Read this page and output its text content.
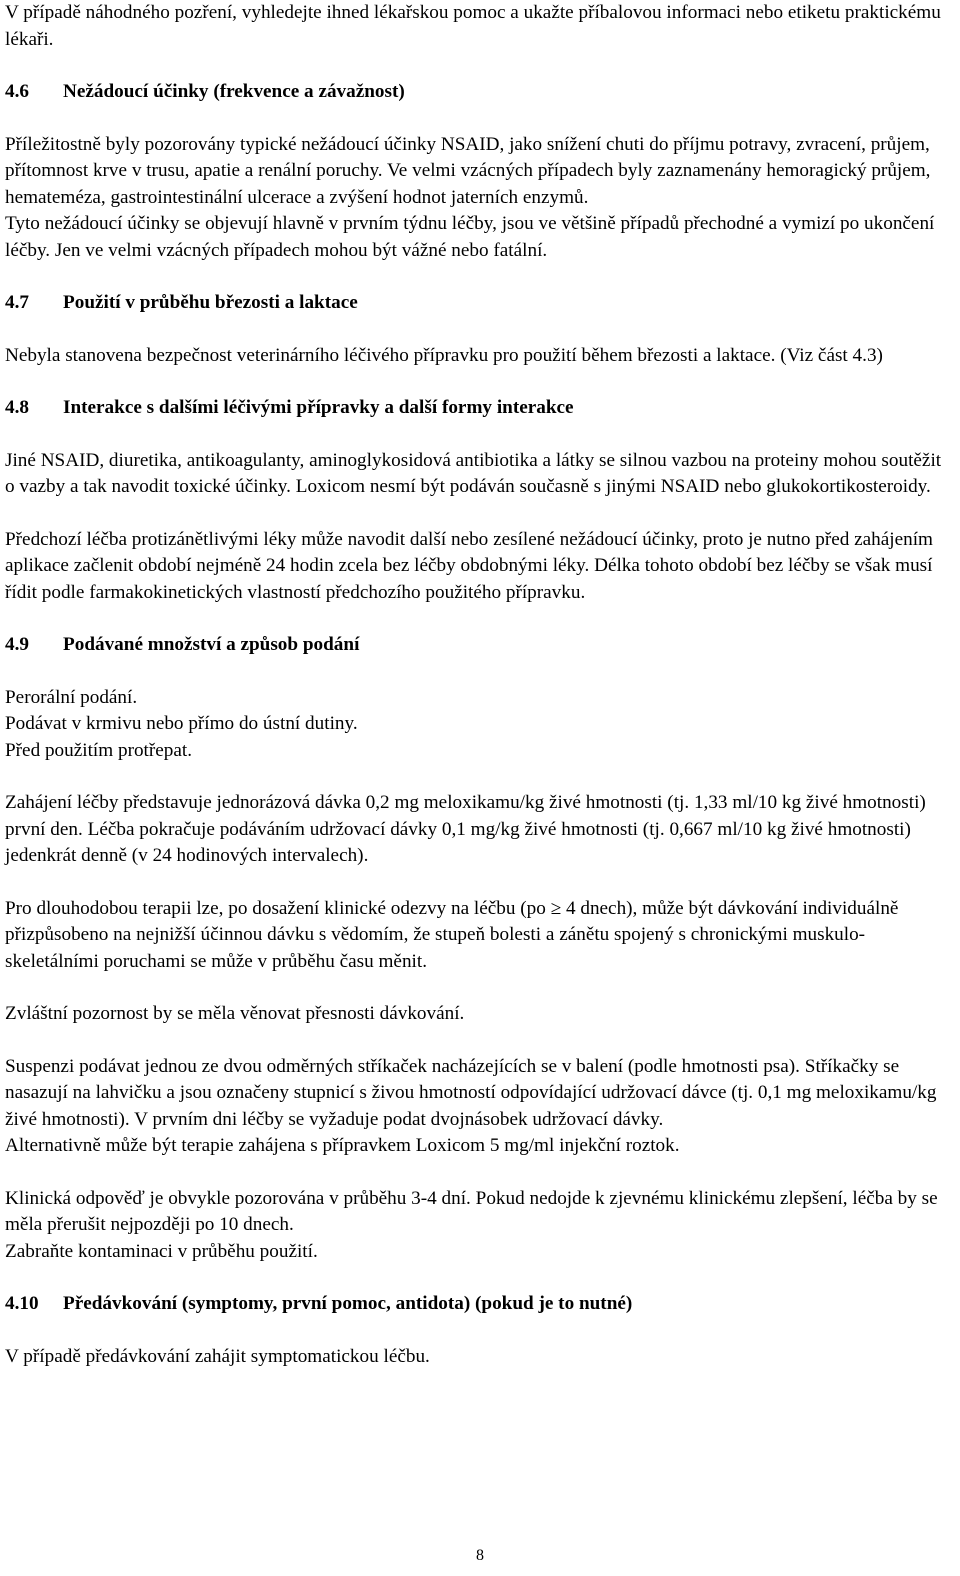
V případě náhodného pozření, vyhledejte ihned lékařskou pomoc a ukažte příbalovou informaci nebo etiketu praktickému lékaři.

4.6	Nežádoucí účinky (frekvence a závažnost)

Příležitostně byly pozorovány typické nežádoucí účinky NSAID, jako snížení chuti do příjmu potravy, zvracení, průjem, přítomnost krve v trusu, apatie a renální poruchy. Ve velmi vzácných případech byly zaznamenány hemoragický průjem, hemateméza, gastrointestinální ulcerace a zvýšení hodnot jaterních enzymů.

Tyto nežádoucí účinky se objevují hlavně v prvním týdnu léčby, jsou ve většině případů přechodné a vymizí po ukončení léčby. Jen ve velmi vzácných případech mohou být vážné nebo fatální.

4.7	Použití v průběhu březosti a laktace

Nebyla stanovena bezpečnost veterinárního léčivého přípravku pro použití během březosti a laktace. (Viz část 4.3)

4.8	Interakce s dalšími léčivými přípravky a další formy interakce

Jiné NSAID, diuretika, antikoagulanty, aminoglykosidová antibiotika a látky se silnou vazbou na proteiny mohou soutěžit o vazby a tak navodit toxické účinky. Loxicom nesmí být podáván současně s jinými NSAID nebo glukokortikosteroidy.

Předchozí léčba protizánětlivými léky může navodit další nebo zesílené nežádoucí účinky, proto je nutno před zahájením aplikace začlenit období nejméně 24 hodin zcela bez léčby obdobnými léky. Délka tohoto období bez léčby se však musí řídit podle farmakokinetických vlastností předchozího použitého přípravku.

4.9	Podávané množství a způsob podání

Perorální podání.

Podávat v krmivu nebo přímo do ústní dutiny.

Před použitím protřepat.

Zahájení léčby představuje jednorázová dávka 0,2 mg meloxikamu/kg živé hmotnosti (tj. 1,33 ml/10 kg živé hmotnosti) první den. Léčba pokračuje podáváním udržovací dávky 0,1 mg/kg živé hmotnosti (tj. 0,667 ml/10 kg živé hmotnosti) jedenkrát denně (v 24 hodinových intervalech).

Pro dlouhodobou terapii lze, po dosažení klinické odezvy na léčbu (po ≥ 4 dnech), může být dávkování individuálně přizpůsobeno na nejnižší účinnou dávku s vědomím, že stupeň bolesti a zánětu spojený s chronickými muskulo-skeletálními poruchami se může v průběhu času měnit.

Zvláštní pozornost by se měla věnovat přesnosti dávkování.

Suspenzi podávat jednou ze dvou odměrných stříkaček nacházejících se v balení (podle hmotnosti psa). Stříkačky se nasazují na lahvičku a jsou označeny stupnicí s živou hmotností odpovídající udržovací dávce (tj. 0,1 mg meloxikamu/kg živé hmotnosti). V prvním dni léčby se vyžaduje podat dvojnásobek udržovací dávky.

Alternativně může být terapie zahájena s přípravkem Loxicom 5 mg/ml injekční roztok.

Klinická odpověď je obvykle pozorována v průběhu 3-4 dní. Pokud nedojde k zjevnému klinickému zlepšení, léčba by se měla přerušit nejpozději po 10 dnech.

Zabraňte kontaminaci v průběhu použití.

4.10	Předávkování (symptomy, první pomoc, antidota) (pokud je to nutné)

V případě předávkování zahájit symptomatickou léčbu.

8
